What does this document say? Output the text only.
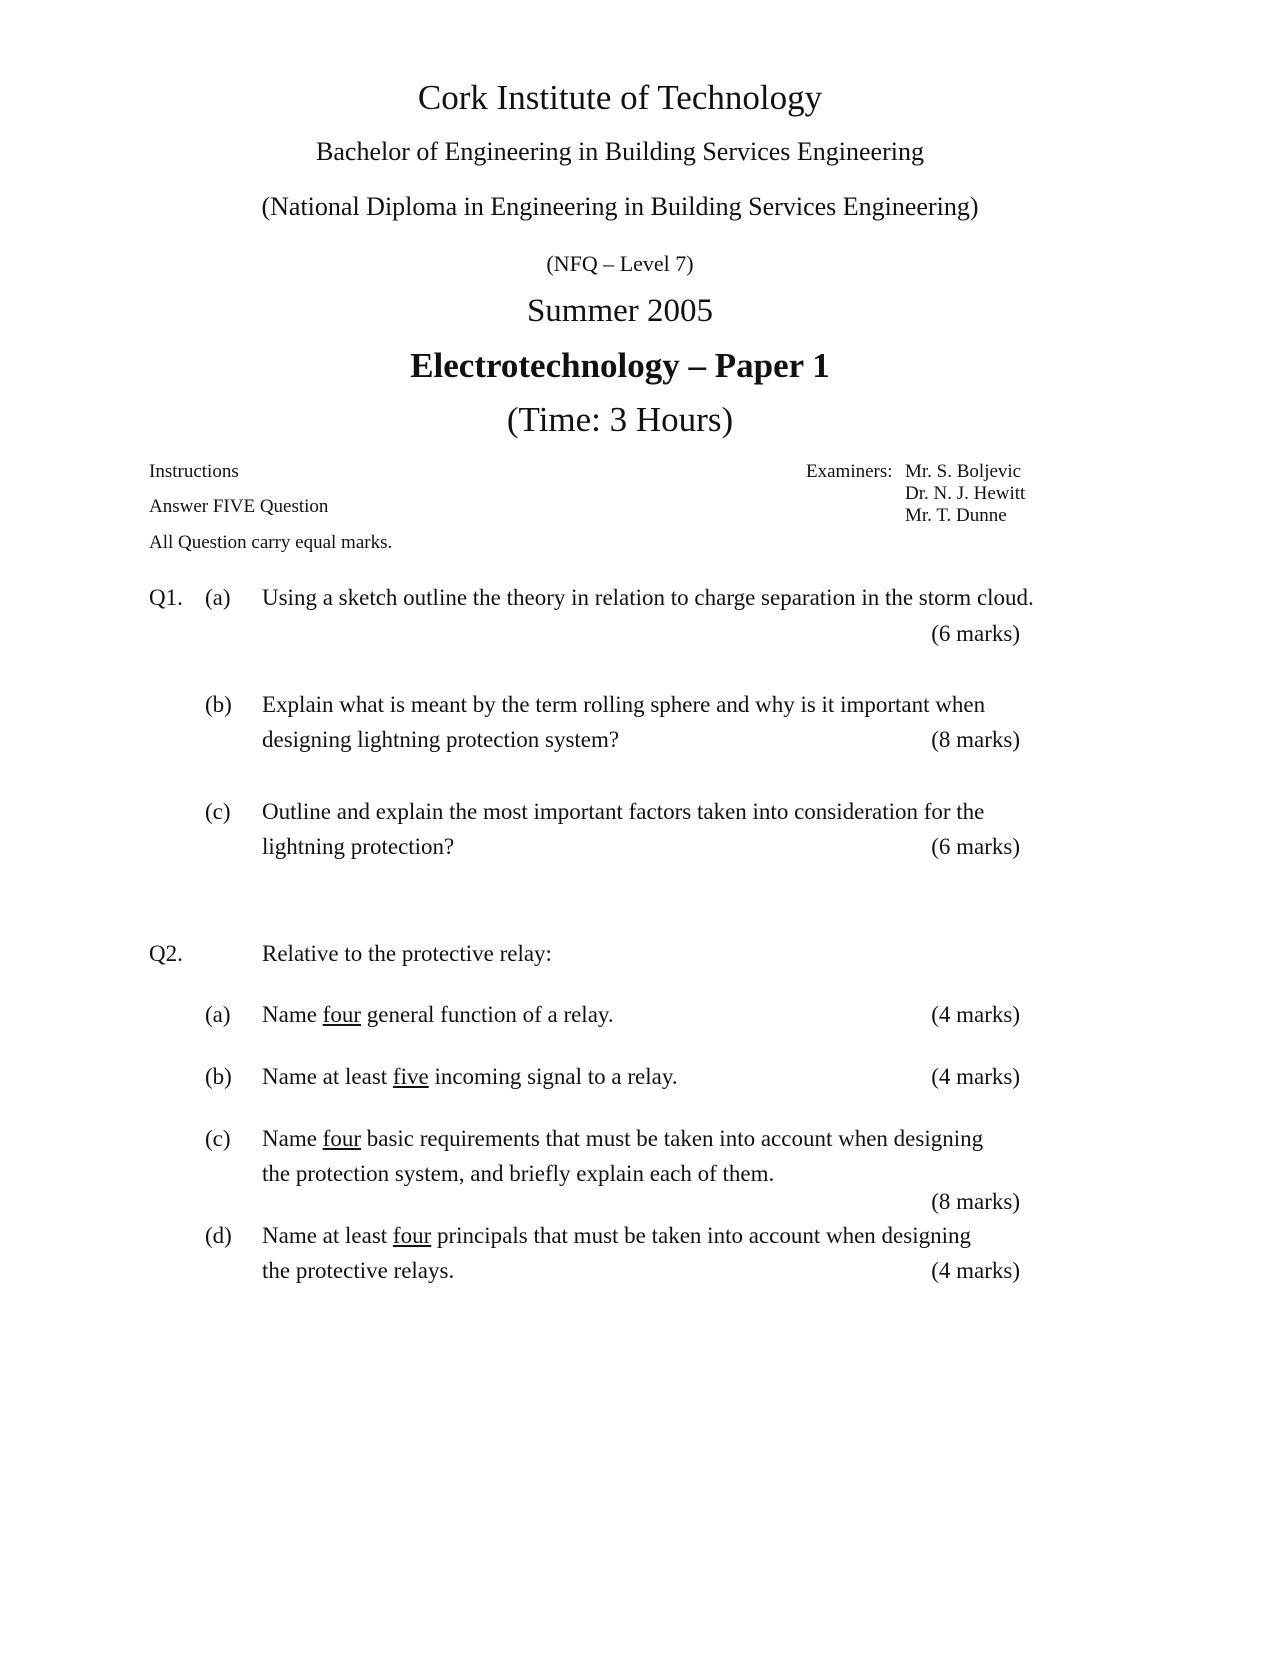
Cork Institute of Technology
Bachelor of Engineering in Building Services Engineering
(National Diploma in Engineering in Building Services Engineering)
(NFQ – Level 7)
Summer 2005
Electrotechnology – Paper 1
(Time: 3 Hours)
Instructions
Answer FIVE Question
All Question carry equal marks.
Examiners: Mr. S. Boljevic
Dr. N. J. Hewitt
Mr. T. Dunne
Q1. (a) Using a sketch outline the theory in relation to charge separation in the storm cloud.
(6 marks)
(b) Explain what is meant by the term rolling sphere and why is it important when
designing lightning protection system?	(8 marks)
(c) Outline and explain the most important factors taken into consideration for the
lightning protection?	(6 marks)
Q2.	Relative to the protective relay:
(a) Name four general function of a relay.	(4 marks)
(b) Name at least five incoming signal to a relay.	(4 marks)
(c) Name four basic requirements that must be taken into account when designing
the protection system, and briefly explain each of them.
(8 marks)
(d) Name at least four principals that must be taken into account when designing
the protective relays.	(4 marks)
